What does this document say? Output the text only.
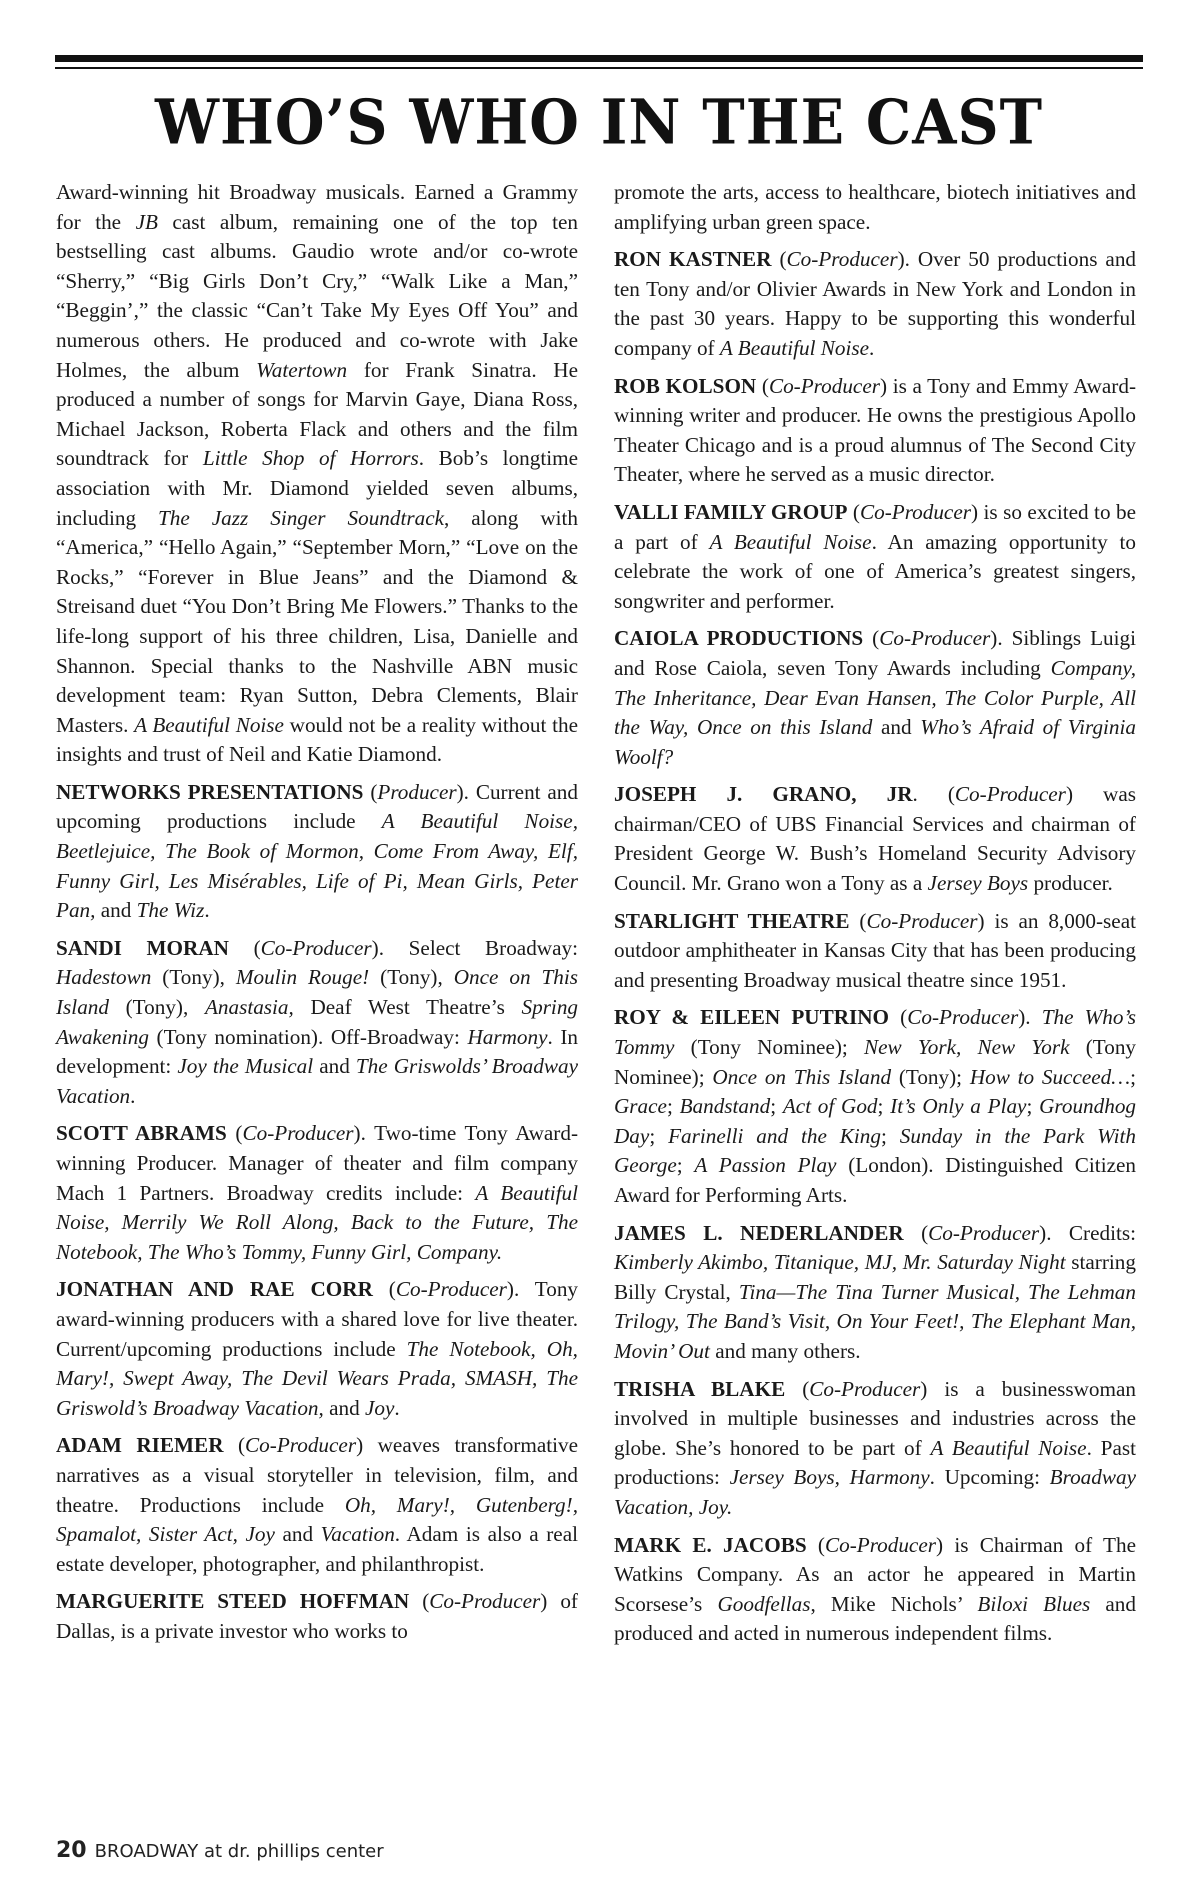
WHO’S WHO IN THE CAST

Award-winning hit Broadway musicals. Earned a Grammy for the JB cast album, remaining one of the top ten bestselling cast albums. Gaudio wrote and/or co-wrote “Sherry,” “Big Girls Don’t Cry,” “Walk Like a Man,” “Beggin’,” the classic “Can’t Take My Eyes Off You” and numerous others. He produced and co-wrote with Jake Holmes, the album Watertown for Frank Sinatra. He produced a number of songs for Marvin Gaye, Diana Ross, Michael Jackson, Roberta Flack and others and the film soundtrack for Little Shop of Horrors. Bob’s longtime association with Mr. Diamond yielded seven albums, including The Jazz Singer Soundtrack, along with “America,” “Hello Again,” “September Morn,” “Love on the Rocks,” “Forever in Blue Jeans” and the Diamond & Streisand duet “You Don’t Bring Me Flowers.” Thanks to the life-long support of his three children, Lisa, Danielle and Shannon. Special thanks to the Nashville ABN music development team: Ryan Sutton, Debra Clements, Blair Masters. A Beautiful Noise would not be a reality without the insights and trust of Neil and Katie Diamond.

NETWORKS PRESENTATIONS (Producer). Current and upcoming productions include A Beautiful Noise, Beetlejuice, The Book of Mormon, Come From Away, Elf, Funny Girl, Les Misérables, Life of Pi, Mean Girls, Peter Pan, and The Wiz.

SANDI MORAN (Co-Producer). Select Broadway: Hadestown (Tony), Moulin Rouge! (Tony), Once on This Island (Tony), Anastasia, Deaf West Theatre’s Spring Awakening (Tony nomination). Off-Broadway: Harmony. In development: Joy the Musical and The Griswolds’ Broadway Vacation.

SCOTT ABRAMS (Co-Producer). Two-time Tony Award-winning Producer. Manager of theater and film company Mach 1 Partners. Broadway credits include: A Beautiful Noise, Merrily We Roll Along, Back to the Future, The Notebook, The Who’s Tommy, Funny Girl, Company.

JONATHAN AND RAE CORR (Co-Producer). Tony award-winning producers with a shared love for live theater. Current/upcoming productions include The Notebook, Oh, Mary!, Swept Away, The Devil Wears Prada, SMASH, The Griswold’s Broadway Vacation, and Joy.

ADAM RIEMER (Co-Producer) weaves transformative narratives as a visual storyteller in television, film, and theatre. Productions include Oh, Mary!, Gutenberg!, Spamalot, Sister Act, Joy and Vacation. Adam is also a real estate developer, photographer, and philanthropist.

MARGUERITE STEED HOFFMAN (Co-Producer) of Dallas, is a private investor who works to

promote the arts, access to healthcare, biotech initiatives and amplifying urban green space.

RON KASTNER (Co-Producer). Over 50 productions and ten Tony and/or Olivier Awards in New York and London in the past 30 years. Happy to be supporting this wonderful company of A Beautiful Noise.

ROB KOLSON (Co-Producer) is a Tony and Emmy Award-winning writer and producer. He owns the prestigious Apollo Theater Chicago and is a proud alumnus of The Second City Theater, where he served as a music director.

VALLI FAMILY GROUP (Co-Producer) is so excited to be a part of A Beautiful Noise. An amazing opportunity to celebrate the work of one of America’s greatest singers, songwriter and performer.

CAIOLA PRODUCTIONS (Co-Producer). Siblings Luigi and Rose Caiola, seven Tony Awards including Company, The Inheritance, Dear Evan Hansen, The Color Purple, All the Way, Once on this Island and Who’s Afraid of Virginia Woolf?

JOSEPH J. GRANO, JR. (Co-Producer) was chairman/CEO of UBS Financial Services and chairman of President George W. Bush’s Homeland Security Advisory Council. Mr. Grano won a Tony as a Jersey Boys producer.

STARLIGHT THEATRE (Co-Producer) is an 8,000-seat outdoor amphitheater in Kansas City that has been producing and presenting Broadway musical theatre since 1951.

ROY & EILEEN PUTRINO (Co-Producer). The Who’s Tommy (Tony Nominee); New York, New York (Tony Nominee); Once on This Island (Tony); How to Succeed…; Grace; Bandstand; Act of God; It’s Only a Play; Groundhog Day; Farinelli and the King; Sunday in the Park With George; A Passion Play (London). Distinguished Citizen Award for Performing Arts.

JAMES L. NEDERLANDER (Co-Producer). Credits: Kimberly Akimbo, Titanique, MJ, Mr. Saturday Night starring Billy Crystal, Tina—The Tina Turner Musical, The Lehman Trilogy, The Band’s Visit, On Your Feet!, The Elephant Man, Movin’ Out and many others.

TRISHA BLAKE (Co-Producer) is a businesswoman involved in multiple businesses and industries across the globe. She’s honored to be part of A Beautiful Noise. Past productions: Jersey Boys, Harmony. Upcoming: Broadway Vacation, Joy.

MARK E. JACOBS (Co-Producer) is Chairman of The Watkins Company. As an actor he appeared in Martin Scorsese’s Goodfellas, Mike Nichols’ Biloxi Blues and produced and acted in numerous independent films.

20 BROADWAY at dr. phillips center
